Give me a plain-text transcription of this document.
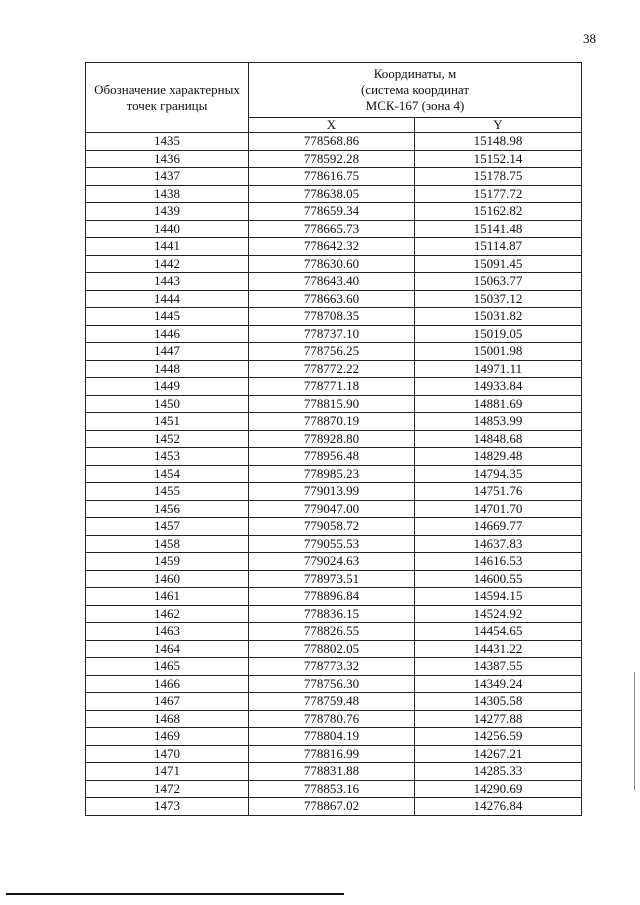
38
Обозначение характерных точек границы	Координаты, м
(система координат
МСК-167 (зона 4)	

	X	Y
1435	778568.86	15148.98
1436	778592.28	15152.14
1437	778616.75	15178.75
1438	778638.05	15177.72
1439	778659.34	15162.82
1440	778665.73	15141.48
1441	778642.32	15114.87
1442	778630.60	15091.45
1443	778643.40	15063.77
1444	778663.60	15037.12
1445	778708.35	15031.82
1446	778737.10	15019.05
1447	778756.25	15001.98
1448	778772.22	14971.11
1449	778771.18	14933.84
1450	778815.90	14881.69
1451	778870.19	14853.99
1452	778928.80	14848.68
1453	778956.48	14829.48
1454	778985.23	14794.35
1455	779013.99	14751.76
1456	779047.00	14701.70
1457	779058.72	14669.77
1458	779055.53	14637.83
1459	779024.63	14616.53
1460	778973.51	14600.55
1461	778896.84	14594.15
1462	778836.15	14524.92
1463	778826.55	14454.65
1464	778802.05	14431.22
1465	778773.32	14387.55
1466	778756.30	14349.24
1467	778759.48	14305.58
1468	778780.76	14277.88
1469	778804.19	14256.59
1470	778816.99	14267.21
1471	778831.88	14285.33
1472	778853.16	14290.69
1473	778867.02	14276.84
